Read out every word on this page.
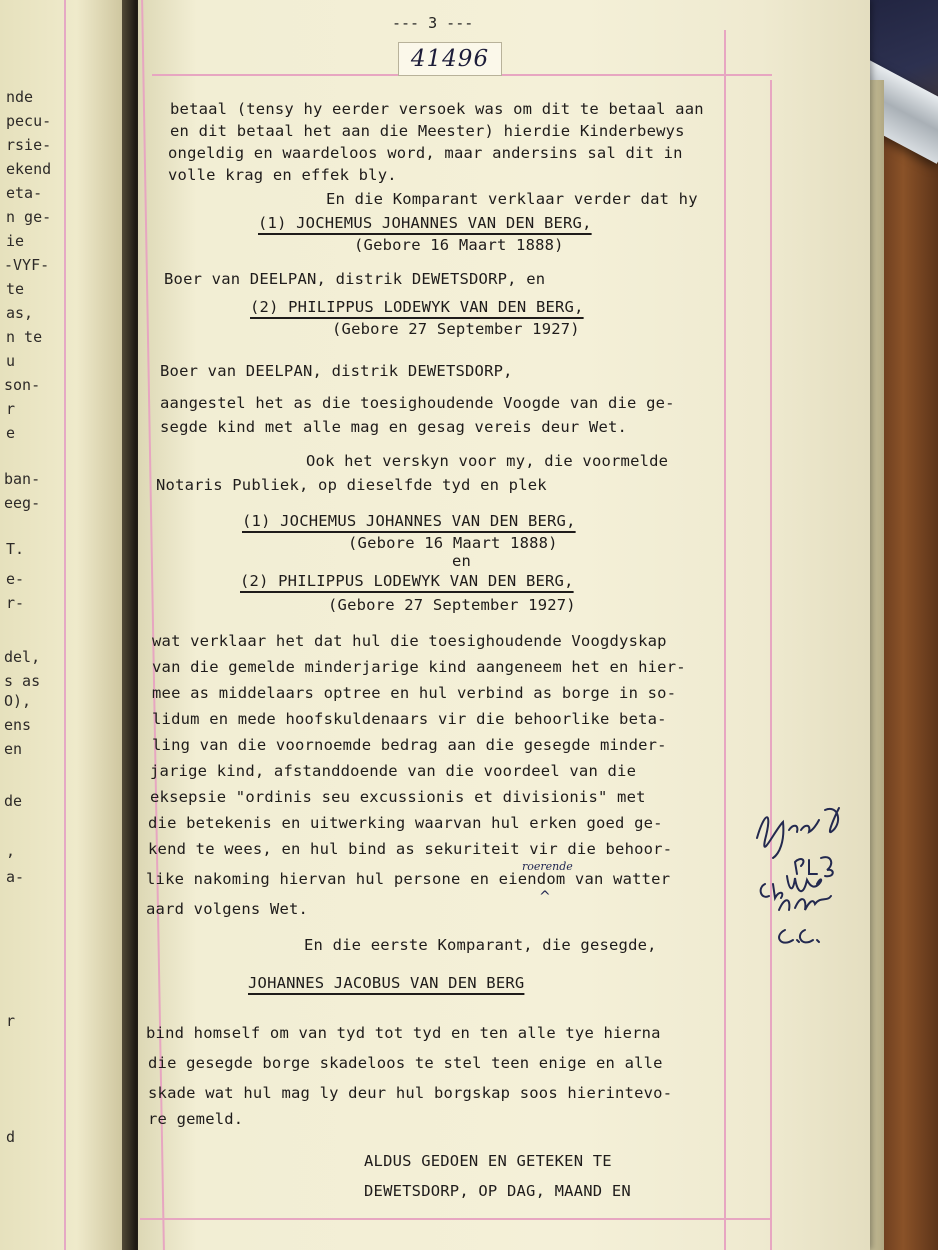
nde
pecu-
rsie-
ekend
eta-
n ge-
ie
-VYF-
te
as,
n te
u
son-
r
e
ban-
eeg-
T.
e-
r-
del,
s as
O),
ens
en
de
,
a-
r
d
--- 3 ---
41496
betaal (tensy hy eerder versoek was om dit te betaal aan
en dit betaal het aan die Meester) hierdie Kinderbewys
ongeldig en waardeloos word, maar andersins sal dit in
volle krag en effek bly.
En die Komparant verklaar verder dat hy
(1) JOCHEMUS JOHANNES VAN DEN BERG,
(Gebore 16 Maart 1888)
Boer van DEELPAN, distrik DEWETSDORP, en
(2) PHILIPPUS LODEWYK VAN DEN BERG,
(Gebore 27 September 1927)
Boer van DEELPAN, distrik DEWETSDORP,
aangestel het as die toesighoudende Voogde van die ge-
segde kind met alle mag en gesag vereis deur Wet.
Ook het verskyn voor my, die voormelde
Notaris Publiek, op dieselfde tyd en plek
(1) JOCHEMUS JOHANNES VAN DEN BERG,
(Gebore 16 Maart 1888)
en
(2) PHILIPPUS LODEWYK VAN DEN BERG,
(Gebore 27 September 1927)
wat verklaar het dat hul die toesighoudende Voogdyskap
van die gemelde minderjarige kind aangeneem het en hier-
mee as middelaars optree en hul verbind as borge in so-
lidum en mede hoofskuldenaars vir die behoorlike beta-
ling van die voornoemde bedrag aan die gesegde minder-
jarige kind, afstanddoende van die voordeel van die
eksepsie "ordinis seu excussionis et divisionis" met
die betekenis en uitwerking waarvan hul erken goed ge-
kend te wees, en hul bind as sekuriteit vir die behoor-
like nakoming hiervan hul persone en eiendom van watter
aard volgens Wet.
En die eerste Komparant, die gesegde,
JOHANNES JACOBUS VAN DEN BERG
bind homself om van tyd tot tyd en ten alle tye hierna
die gesegde borge skadeloos te stel teen enige en alle
skade wat hul mag ly deur hul borgskap soos hierintevo-
re gemeld.
ALDUS GEDOEN EN GETEKEN TE
DEWETSDORP, OP DAG, MAAND EN
roerende
^
